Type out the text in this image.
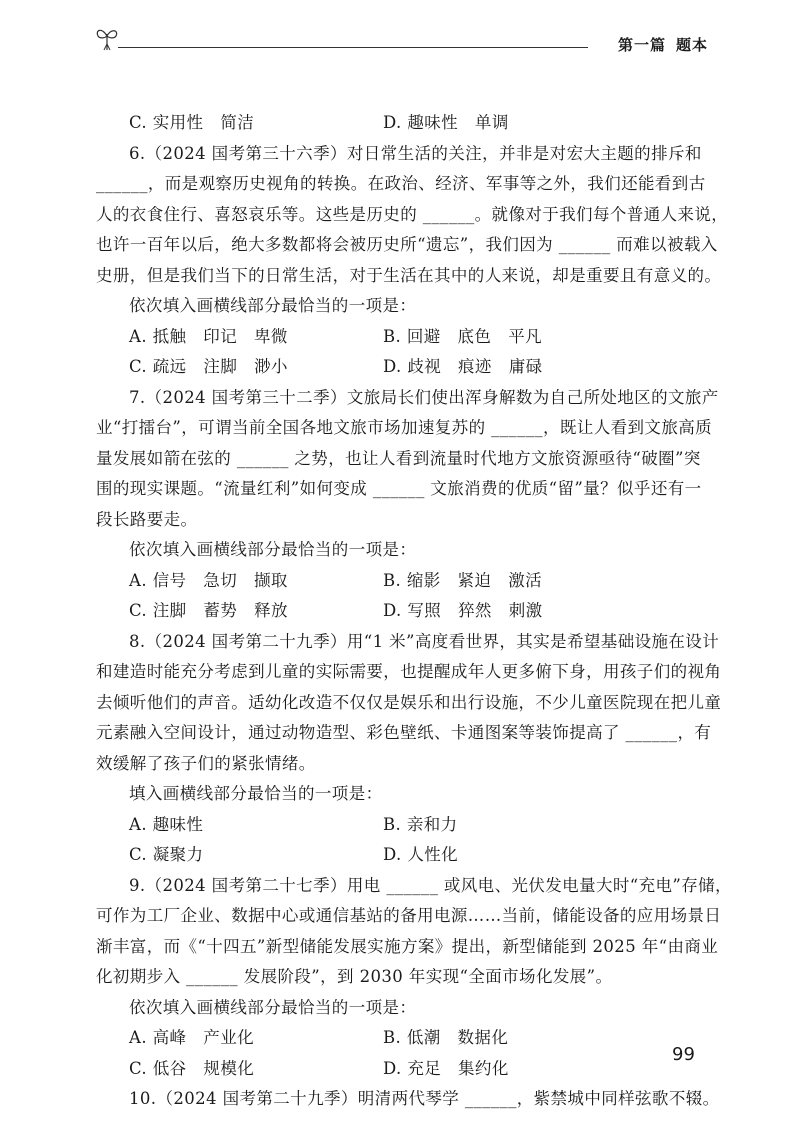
第一篇 题本
C. 实用性　简洁	D. 趣味性　单调
6.（2024 国考第三十六季）对日常生活的关注，并非是对宏大主题的排斥和
______，而是观察历史视角的转换。在政治、经济、军事等之外，我们还能看到古
人的衣食住行、喜怒哀乐等。这些是历史的 ______。就像对于我们每个普通人来说，
也许一百年以后，绝大多数都将会被历史所“遗忘”，我们因为 ______ 而难以被载入
史册，但是我们当下的日常生活，对于生活在其中的人来说，却是重要且有意义的。
依次填入画横线部分最恰当的一项是：
A. 抵触　印记　卑微	B. 回避　底色　平凡
C. 疏远　注脚　渺小	D. 歧视　痕迹　庸碌
7.（2024 国考第三十二季）文旅局长们使出浑身解数为自己所处地区的文旅产
业“打擂台”，可谓当前全国各地文旅市场加速复苏的 ______，既让人看到文旅高质
量发展如箭在弦的 ______ 之势，也让人看到流量时代地方文旅资源亟待“破圈”突
围的现实课题。“流量红利”如何变成 ______ 文旅消费的优质“留”量？似乎还有一
段长路要走。
依次填入画横线部分最恰当的一项是：
A. 信号　急切　撷取	B. 缩影　紧迫　激活
C. 注脚　蓄势　释放	D. 写照　猝然　刺激
8.（2024 国考第二十九季）用“1 米”高度看世界，其实是希望基础设施在设计
和建造时能充分考虑到儿童的实际需要，也提醒成年人更多俯下身，用孩子们的视角
去倾听他们的声音。适幼化改造不仅仅是娱乐和出行设施，不少儿童医院现在把儿童
元素融入空间设计，通过动物造型、彩色壁纸、卡通图案等装饰提高了 ______，有
效缓解了孩子们的紧张情绪。
填入画横线部分最恰当的一项是：
A. 趣味性	B. 亲和力
C. 凝聚力	D. 人性化
9.（2024 国考第二十七季）用电 ______ 或风电、光伏发电量大时“充电”存储，
可作为工厂企业、数据中心或通信基站的备用电源……当前，储能设备的应用场景日
渐丰富，而《“十四五”新型储能发展实施方案》提出，新型储能到 2025 年“由商业
化初期步入 ______ 发展阶段”，到 2030 年实现“全面市场化发展”。
依次填入画横线部分最恰当的一项是：
A. 高峰　产业化	B. 低潮　数据化
C. 低谷　规模化	D. 充足　集约化
10.（2024 国考第二十九季）明清两代琴学 ______，紫禁城中同样弦歌不辍。
99
